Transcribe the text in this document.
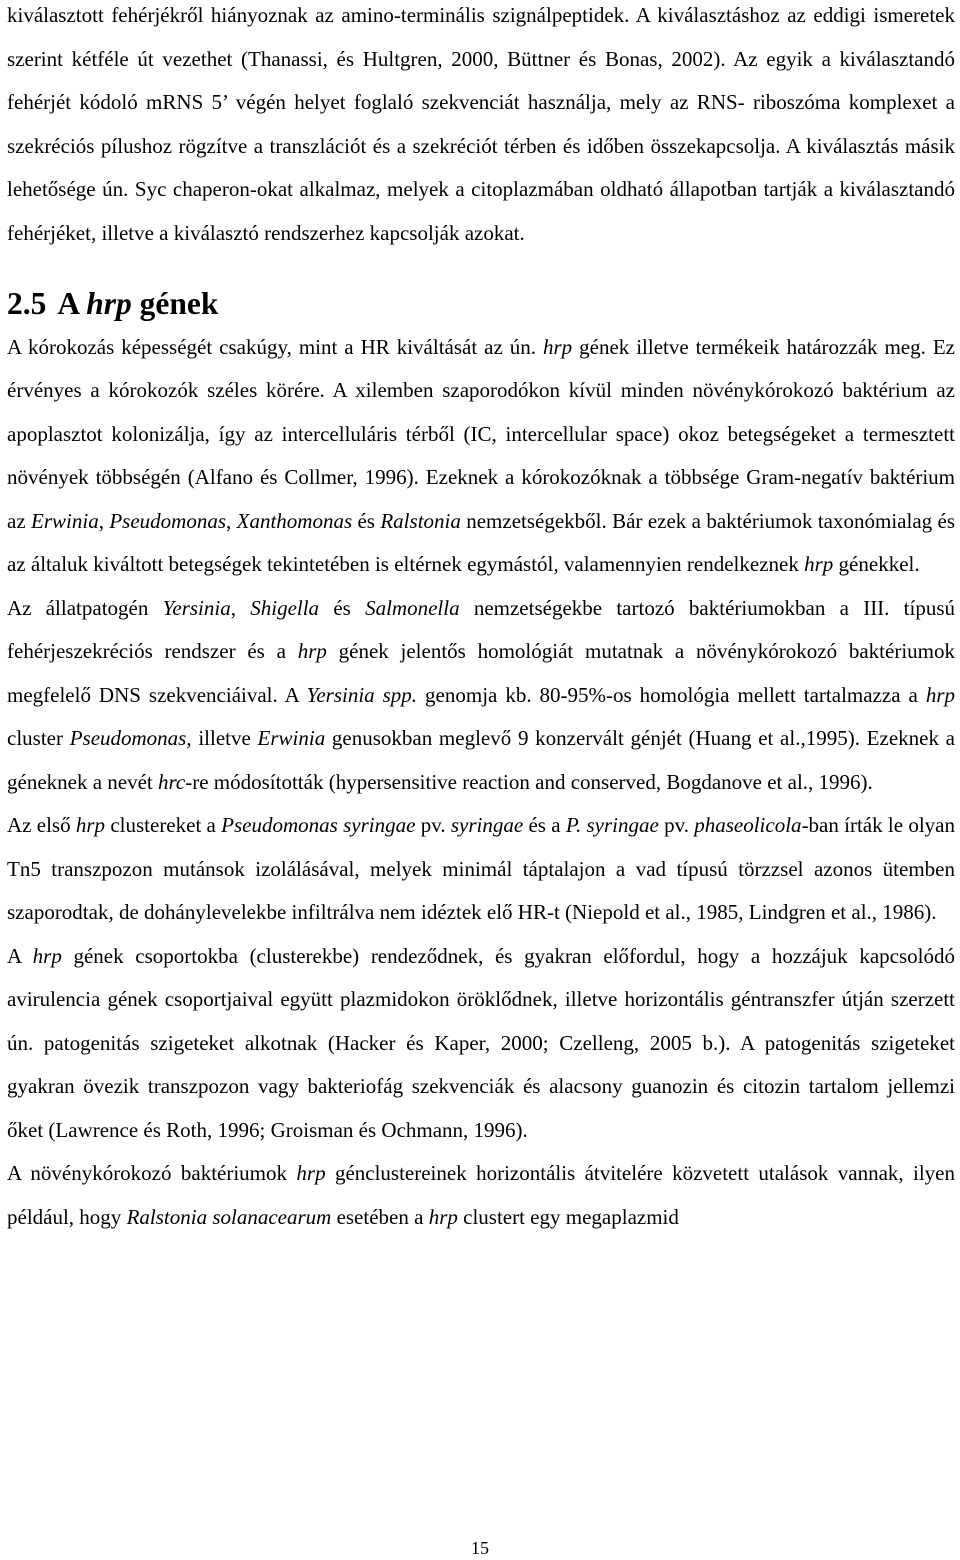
kiválasztott fehérjékről hiányoznak az amino-terminális szignálpeptidek. A kiválasztáshoz az eddigi ismeretek szerint kétféle út vezethet (Thanassi, és Hultgren, 2000, Büttner és Bonas, 2002). Az egyik a kiválasztandó fehérjét kódoló mRNS 5’ végén helyet foglaló szekvenciát használja, mely az RNS- riboszóma komplexet a szekréciós pílushoz rögzítve a transzlációt és a szekréciót térben és időben összekapcsolja. A kiválasztás másik lehetősége ún. Syc chaperon-okat alkalmaz, melyek a citoplazmában oldható állapotban tartják a kiválasztandó fehérjéket, illetve a kiválasztó rendszerhez kapcsolják azokat.

2.5 A hrp gének

A kórokozás képességét csakúgy, mint a HR kiváltását az ún. hrp gének illetve termékeik határozzák meg. Ez érvényes a kórokozók széles körére. A xilemben szaporodókon kívül minden növénykórokozó baktérium az apoplasztot kolonizálja, így az intercelluláris térből (IC, intercellular space) okoz betegségeket a termesztett növények többségén (Alfano és Collmer, 1996). Ezeknek a kórokozóknak a többsége Gram-negatív baktérium az Erwinia, Pseudomonas, Xanthomonas és Ralstonia nemzetségekből. Bár ezek a baktériumok taxonómialag és az általuk kiváltott betegségek tekintetében is eltérnek egymástól, valamennyien rendelkeznek hrp génekkel.

Az állatpatogén Yersinia, Shigella és Salmonella nemzetségekbe tartozó baktériumokban a III. típusú fehérjeszekréciós rendszer és a hrp gének jelentős homológiát mutatnak a növénykórokozó baktériumok megfelelő DNS szekvenciáival. A Yersinia spp. genomja kb. 80-95%-os homológia mellett tartalmazza a hrp cluster Pseudomonas, illetve Erwinia genusokban meglevő 9 konzervált génjét (Huang et al.,1995). Ezeknek a géneknek a nevét hrc-re módosították (hypersensitive reaction and conserved, Bogdanove et al., 1996).

Az első hrp clustereket a Pseudomonas syringae pv. syringae és a P. syringae pv. phaseolicola-ban írták le olyan Tn5 transzpozon mutánsok izolálásával, melyek minimál táptalajon a vad típusú törzzsel azonos ütemben szaporodtak, de dohánylevelekbe infiltrálva nem idéztek elő HR-t (Niepold et al., 1985, Lindgren et al., 1986).

A hrp gének csoportokba (clusterekbe) rendeződnek, és gyakran előfordul, hogy a hozzájuk kapcsolódó avirulencia gének csoportjaival együtt plazmidokon öröklődnek, illetve horizontális géntranszfer útján szerzett ún. patogenitás szigeteket alkotnak (Hacker és Kaper, 2000; Czelleng, 2005 b.). A patogenitás szigeteket gyakran övezik transzpozon vagy bakteriofág szekvenciák és alacsony guanozin és citozin tartalom jellemzi őket (Lawrence és Roth, 1996; Groisman és Ochmann, 1996).

A növénykórokozó baktériumok hrp génclustereinek horizontális átvitelére közvetett utalások vannak, ilyen például, hogy Ralstonia solanacearum esetében a hrp clustert egy megaplazmid

15
